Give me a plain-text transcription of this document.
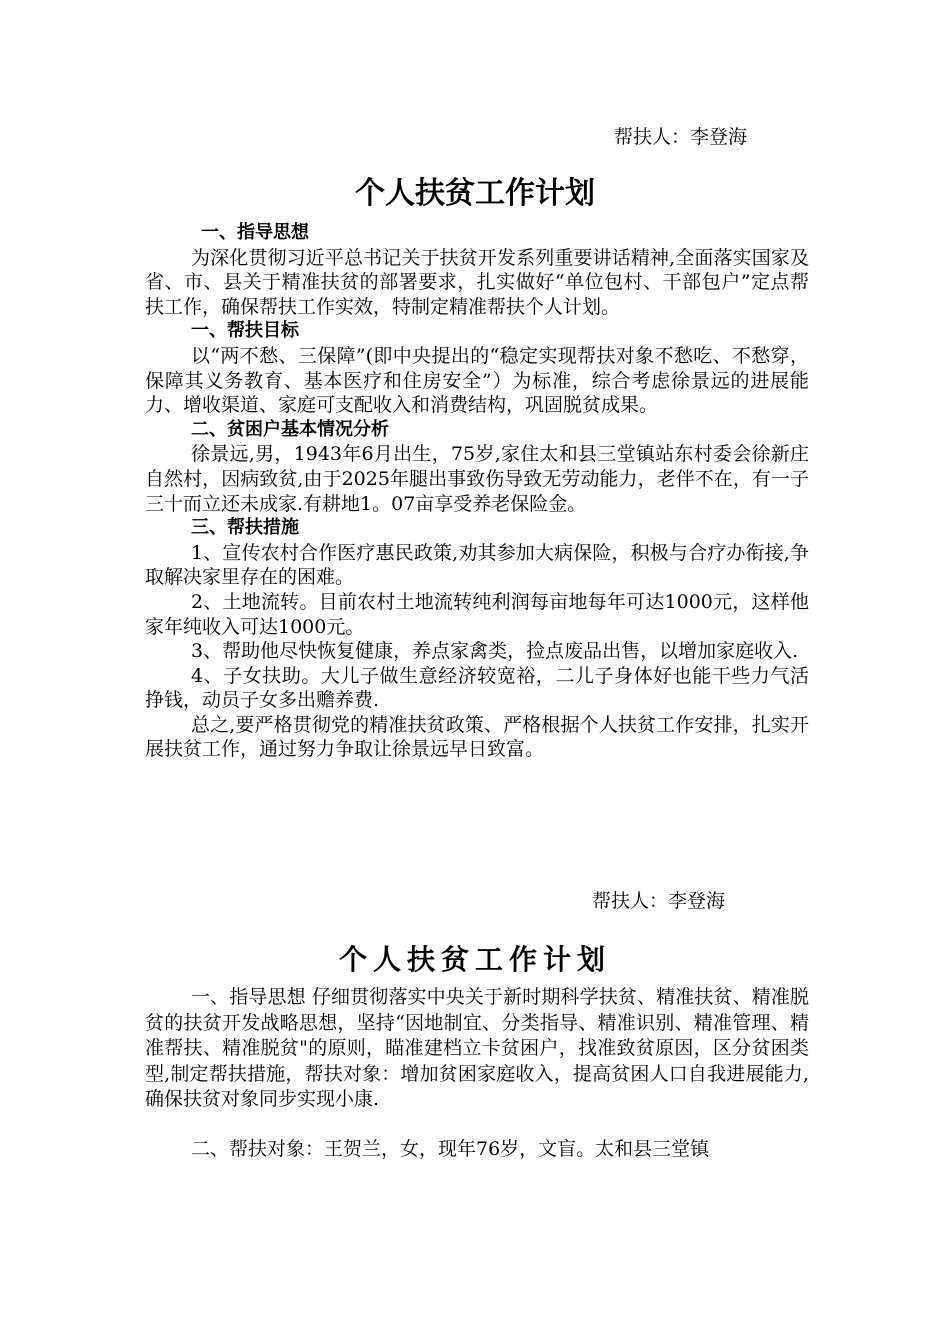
帮扶人：李登海
个人扶贫工作计划
一、指导思想

为深化贯彻习近平总书记关于扶贫开发系列重要讲话精神,全面落实国家及省、市、县关于精准扶贫的部署要求，扎实做好“单位包村、干部包户”定点帮扶工作，确保帮扶工作实效，特制定精准帮扶个人计划。

一、帮扶目标

以“两不愁、三保障”(即中央提出的“稳定实现帮扶对象不愁吃、不愁穿，保障其义务教育、基本医疗和住房安全”）为标准，综合考虑徐景远的进展能力、增收渠道、家庭可支配收入和消费结构，巩固脱贫成果。

二、贫困户基本情况分析

徐景远,男，1943年6月出生，75岁,家住太和县三堂镇站东村委会徐新庄自然村，因病致贫,由于2025年腿出事致伤导致无劳动能力，老伴不在，有一子三十而立还未成家.有耕地1。07亩享受养老保险金。

三、帮扶措施

1、宣传农村合作医疗惠民政策,劝其参加大病保险，积极与合疗办衔接,争取解决家里存在的困难。

2、土地流转。目前农村土地流转纯利润每亩地每年可达1000元，这样他家年纯收入可达1000元。

3、帮助他尽快恢复健康，养点家禽类，捡点废品出售，以增加家庭收入.

4、子女扶助。大儿子做生意经济较宽裕，二儿子身体好也能干些力气活挣钱，动员子女多出赡养费.

总之,要严格贯彻党的精准扶贫政策、严格根据个人扶贫工作安排，扎实开展扶贫工作，通过努力争取让徐景远早日致富。

帮扶人：李登海
个人扶贫工作计划

一、指导思想 仔细贯彻落实中央关于新时期科学扶贫、精准扶贫、精准脱贫的扶贫开发战略思想，坚持“因地制宜、分类指导、精准识别、精准管理、精准帮扶、精准脱贫"的原则，瞄准建档立卡贫困户，找准致贫原因，区分贫困类型,制定帮扶措施，帮扶对象：增加贫困家庭收入，提高贫困人口自我进展能力,确保扶贫对象同步实现小康.

二、帮扶对象：王贺兰，女，现年76岁，文盲。太和县三堂镇
